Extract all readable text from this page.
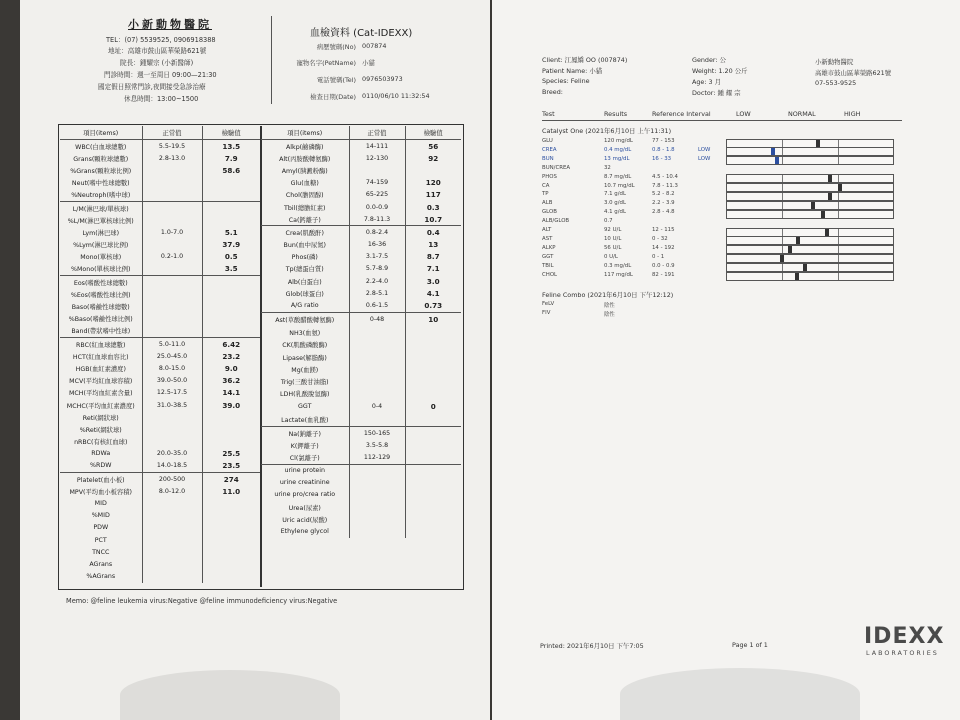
小新動物醫院
TEL：(07) 5539525, 0906918388
地址：高雄市鼓山區華榮路621號
院長：鍾耀宗 (小新醫師)
門診時間：週一至周日 09:00—21:30
國定假日照常門診,夜間接受急診治療
休息時間：13:00~1500
血檢資料 (Cat-IDEXX)
病歷號碼(No) 007874
寵物名字(PetName) 小貓
電話號碼(Tel) 0976503973
檢查日期(Date) 0110/06/10 11:32:54
項目(items)	正常值	檢驗值
WBC(白血球總數)	5.5-19.5	13.5
Grans(顆粒球總數)	2.8-13.0	7.9
%Grans(顆粒球比例)		58.6
Neut(嗜中性球總數)		
%Neutroph(嗜中球)		
L/M(淋巴球/單核球)		
%L/M(淋巴單核球比例)		
Lym(淋巴球)	1.0-7.0	5.1
%Lym(淋巴球比例)		37.9
Mono(單核球)	0.2-1.0	0.5
%Mono(單核球比例)		3.5
Eos(嗜酸性球總數)		
%Eos(嗜酸性球比例)		
Baso(嗜鹼性球總數)		
%Baso(嗜鹼性球比例)		
Band(帶狀嗜中性球)		
RBC(紅血球總數)	5.0-11.0	6.42
HCT(紅血球血容比)	25.0-45.0	23.2
HGB(血紅素濃度)	8.0-15.0	9.0
MCV(平均紅血球容積)	39.0-50.0	36.2
MCH(平均血紅素含量)	12.5-17.5	14.1
MCHC(平均血紅素濃度)	31.0-38.5	39.0
Reti(網狀球)		
%Reti(網狀球)		
nRBC(有核紅血球)		
RDWa	20.0-35.0	25.5
%RDW	14.0-18.5	23.5
Platelet(血小板)	200-500	274
MPV(平均血小板容積)	8.0-12.0	11.0
MID		
%MID		
PDW		
PCT		
TNCC		
AGrans		
%AGrans		
項目(items)	正常值	檢驗值
Alkp(鹼磷酶)	14-111	56
Alt(丙胺酸轉氨酶)	12-130	92
Amyl(胰澱粉酶)		
Glu(血糖)	74-159	120
Chol(膽固醇)	65-225	117
Tbil(總膽紅素)	0.0-0.9	0.3
Ca(鈣離子)	7.8-11.3	10.7
Crea(肌酸酐)	0.8-2.4	0.4
Bun(血中尿氮)	16-36	13
Phos(磷)	3.1-7.5	8.7
Tp(總蛋白質)	5.7-8.9	7.1
Alb(白蛋白)	2.2-4.0	3.0
Glob(球蛋白)	2.8-5.1	4.1
A/G ratio	0.6-1.5	0.73
Ast(草酸醋酸轉氨酶)	0-48	10
NH3(血氨)		
CK(肌酸磷酸酶)		
Lipase(解脂酶)		
Mg(血鎂)		
Trig(三酸甘油脂)		
LDH(乳酸脫氫酶)		
GGT	0-4	0
Lactate(血乳酸)		
Na(鈉離子)	150-165	
K(鉀離子)	3.5-5.8	
Cl(氯離子)	112-129	
urine protein		
urine creatinine		
urine pro/crea ratio		
Urea(尿素)		
Uric acid(尿酸)		
Ethylene glycol		
Memo: @feline leukemia virus:Negative @feline immunodeficiency virus:Negative
Client: 江鳳嬌 OO (007874)
Patient Name: 小貓
Species: Feline
Breed:
Gender: 公
Weight: 1.20 公斤
Age: 3 月
Doctor: 鍾 耀 宗
小新動物醫院
高雄市鼓山區華榮路621號
07-553-9525
Test	Results	Reference Interval	LOW	NORMAL	HIGH
Catalyst One (2021年6月10日 上午11:31)
GLU	120 mg/dL	77 - 153
CREA	0.4 mg/dL	0.8 - 1.8	LOW
BUN	13 mg/dL	16 - 33	LOW
BUN/CREA	32
PHOS	8.7 mg/dL	4.5 - 10.4
CA	10.7 mg/dL	7.8 - 11.3
TP	7.1 g/dL	5.2 - 8.2
ALB	3.0 g/dL	2.2 - 3.9
GLOB	4.1 g/dL	2.8 - 4.8
ALB/GLOB	0.7
ALT	92 U/L	12 - 115
AST	10 U/L	0 - 32
ALKP	56 U/L	14 - 192
GGT	0 U/L	0 - 1
TBIL	0.3 mg/dL	0.0 - 0.9
CHOL	117 mg/dL	82 - 191
Feline Combo (2021年6月10日 下午12:12)
FeLV	陰性
FIV	陰性
Printed: 2021年6月10日 下午7:05	Page 1 of 1	IDEXX
LABORATORIES
